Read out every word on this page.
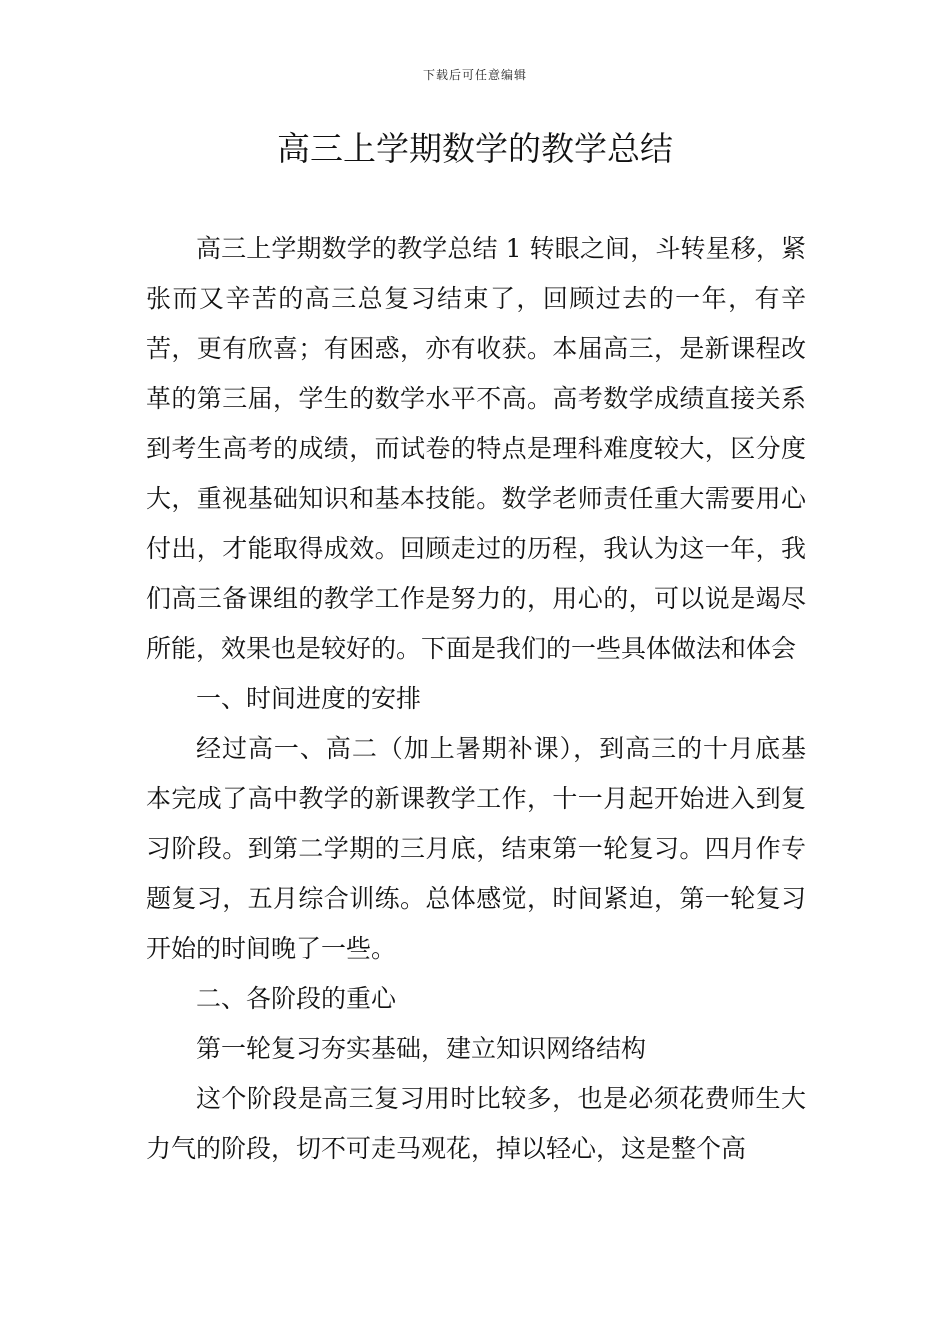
下载后可任意编辑
高三上学期数学的教学总结

高三上学期数学的教学总结 1 转眼之间，斗转星移，紧张而又辛苦的高三总复习结束了，回顾过去的一年，有辛苦，更有欣喜；有困惑，亦有收获。本届高三，是新课程改革的第三届，学生的数学水平不高。高考数学成绩直接关系到考生高考的成绩，而试卷的特点是理科难度较大，区分度大，重视基础知识和基本技能。数学老师责任重大需要用心付出，才能取得成效。回顾走过的历程，我认为这一年，我们高三备课组的教学工作是努力的，用心的，可以说是竭尽所能，效果也是较好的。下面是我们的一些具体做法和体会

一、时间进度的安排

经过高一、高二（加上暑期补课），到高三的十月底基本完成了高中教学的新课教学工作，十一月起开始进入到复习阶段。到第二学期的三月底，结束第一轮复习。四月作专题复习，五月综合训练。总体感觉，时间紧迫，第一轮复习开始的时间晚了一些。

二、各阶段的重心

第一轮复习夯实基础，建立知识网络结构

这个阶段是高三复习用时比较多，也是必须花费师生大力气的阶段，切不可走马观花，掉以轻心，这是整个高
